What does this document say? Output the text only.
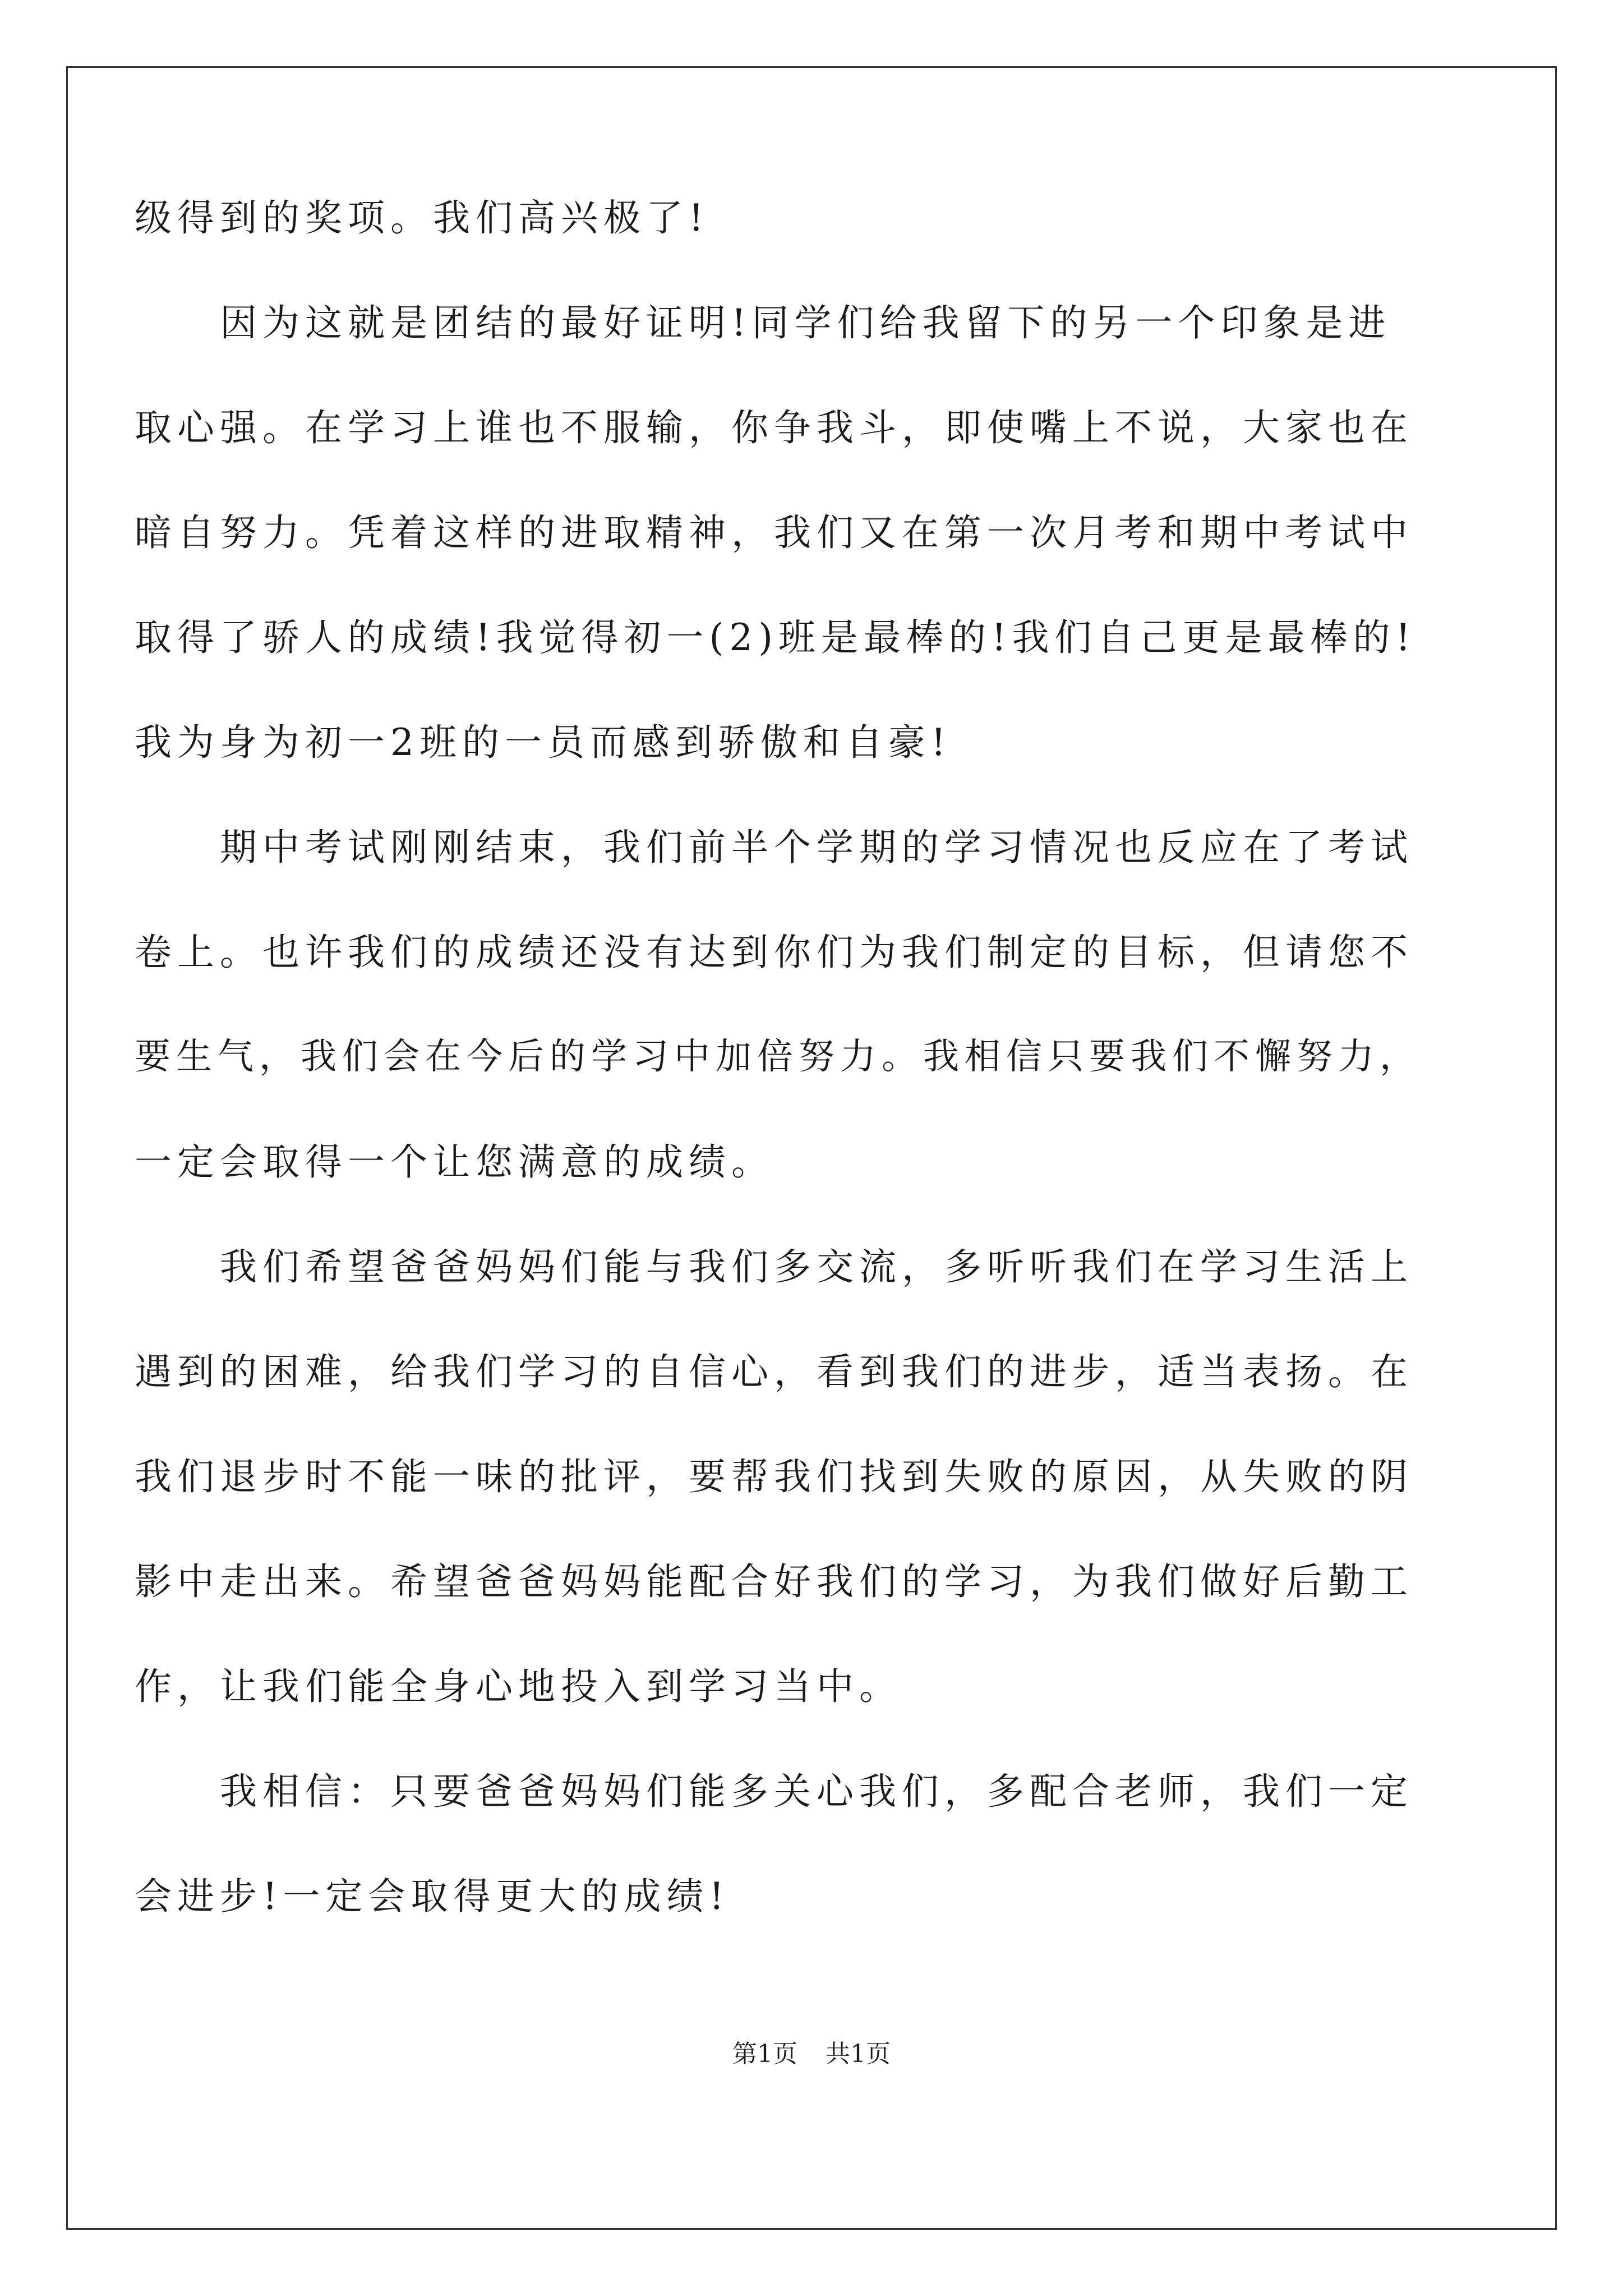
级得到的奖项。我们高兴极了!
因为这就是团结的最好证明!同学们给我留下的另一个印象是进
取心强。在学习上谁也不服输，你争我斗，即使嘴上不说，大家也在
暗自努力。凭着这样的进取精神，我们又在第一次月考和期中考试中
取得了骄人的成绩!我觉得初一(2)班是最棒的!我们自己更是最棒的!
我为身为初一2班的一员而感到骄傲和自豪!
期中考试刚刚结束，我们前半个学期的学习情况也反应在了考试
卷上。也许我们的成绩还没有达到你们为我们制定的目标，但请您不
要生气，我们会在今后的学习中加倍努力。我相信只要我们不懈努力，
一定会取得一个让您满意的成绩。
我们希望爸爸妈妈们能与我们多交流，多听听我们在学习生活上
遇到的困难，给我们学习的自信心，看到我们的进步，适当表扬。在
我们退步时不能一味的批评，要帮我们找到失败的原因，从失败的阴
影中走出来。希望爸爸妈妈能配合好我们的学习，为我们做好后勤工
作，让我们能全身心地投入到学习当中。
我相信：只要爸爸妈妈们能多关心我们，多配合老师，我们一定
会进步!一定会取得更大的成绩!
第1页 共1页
